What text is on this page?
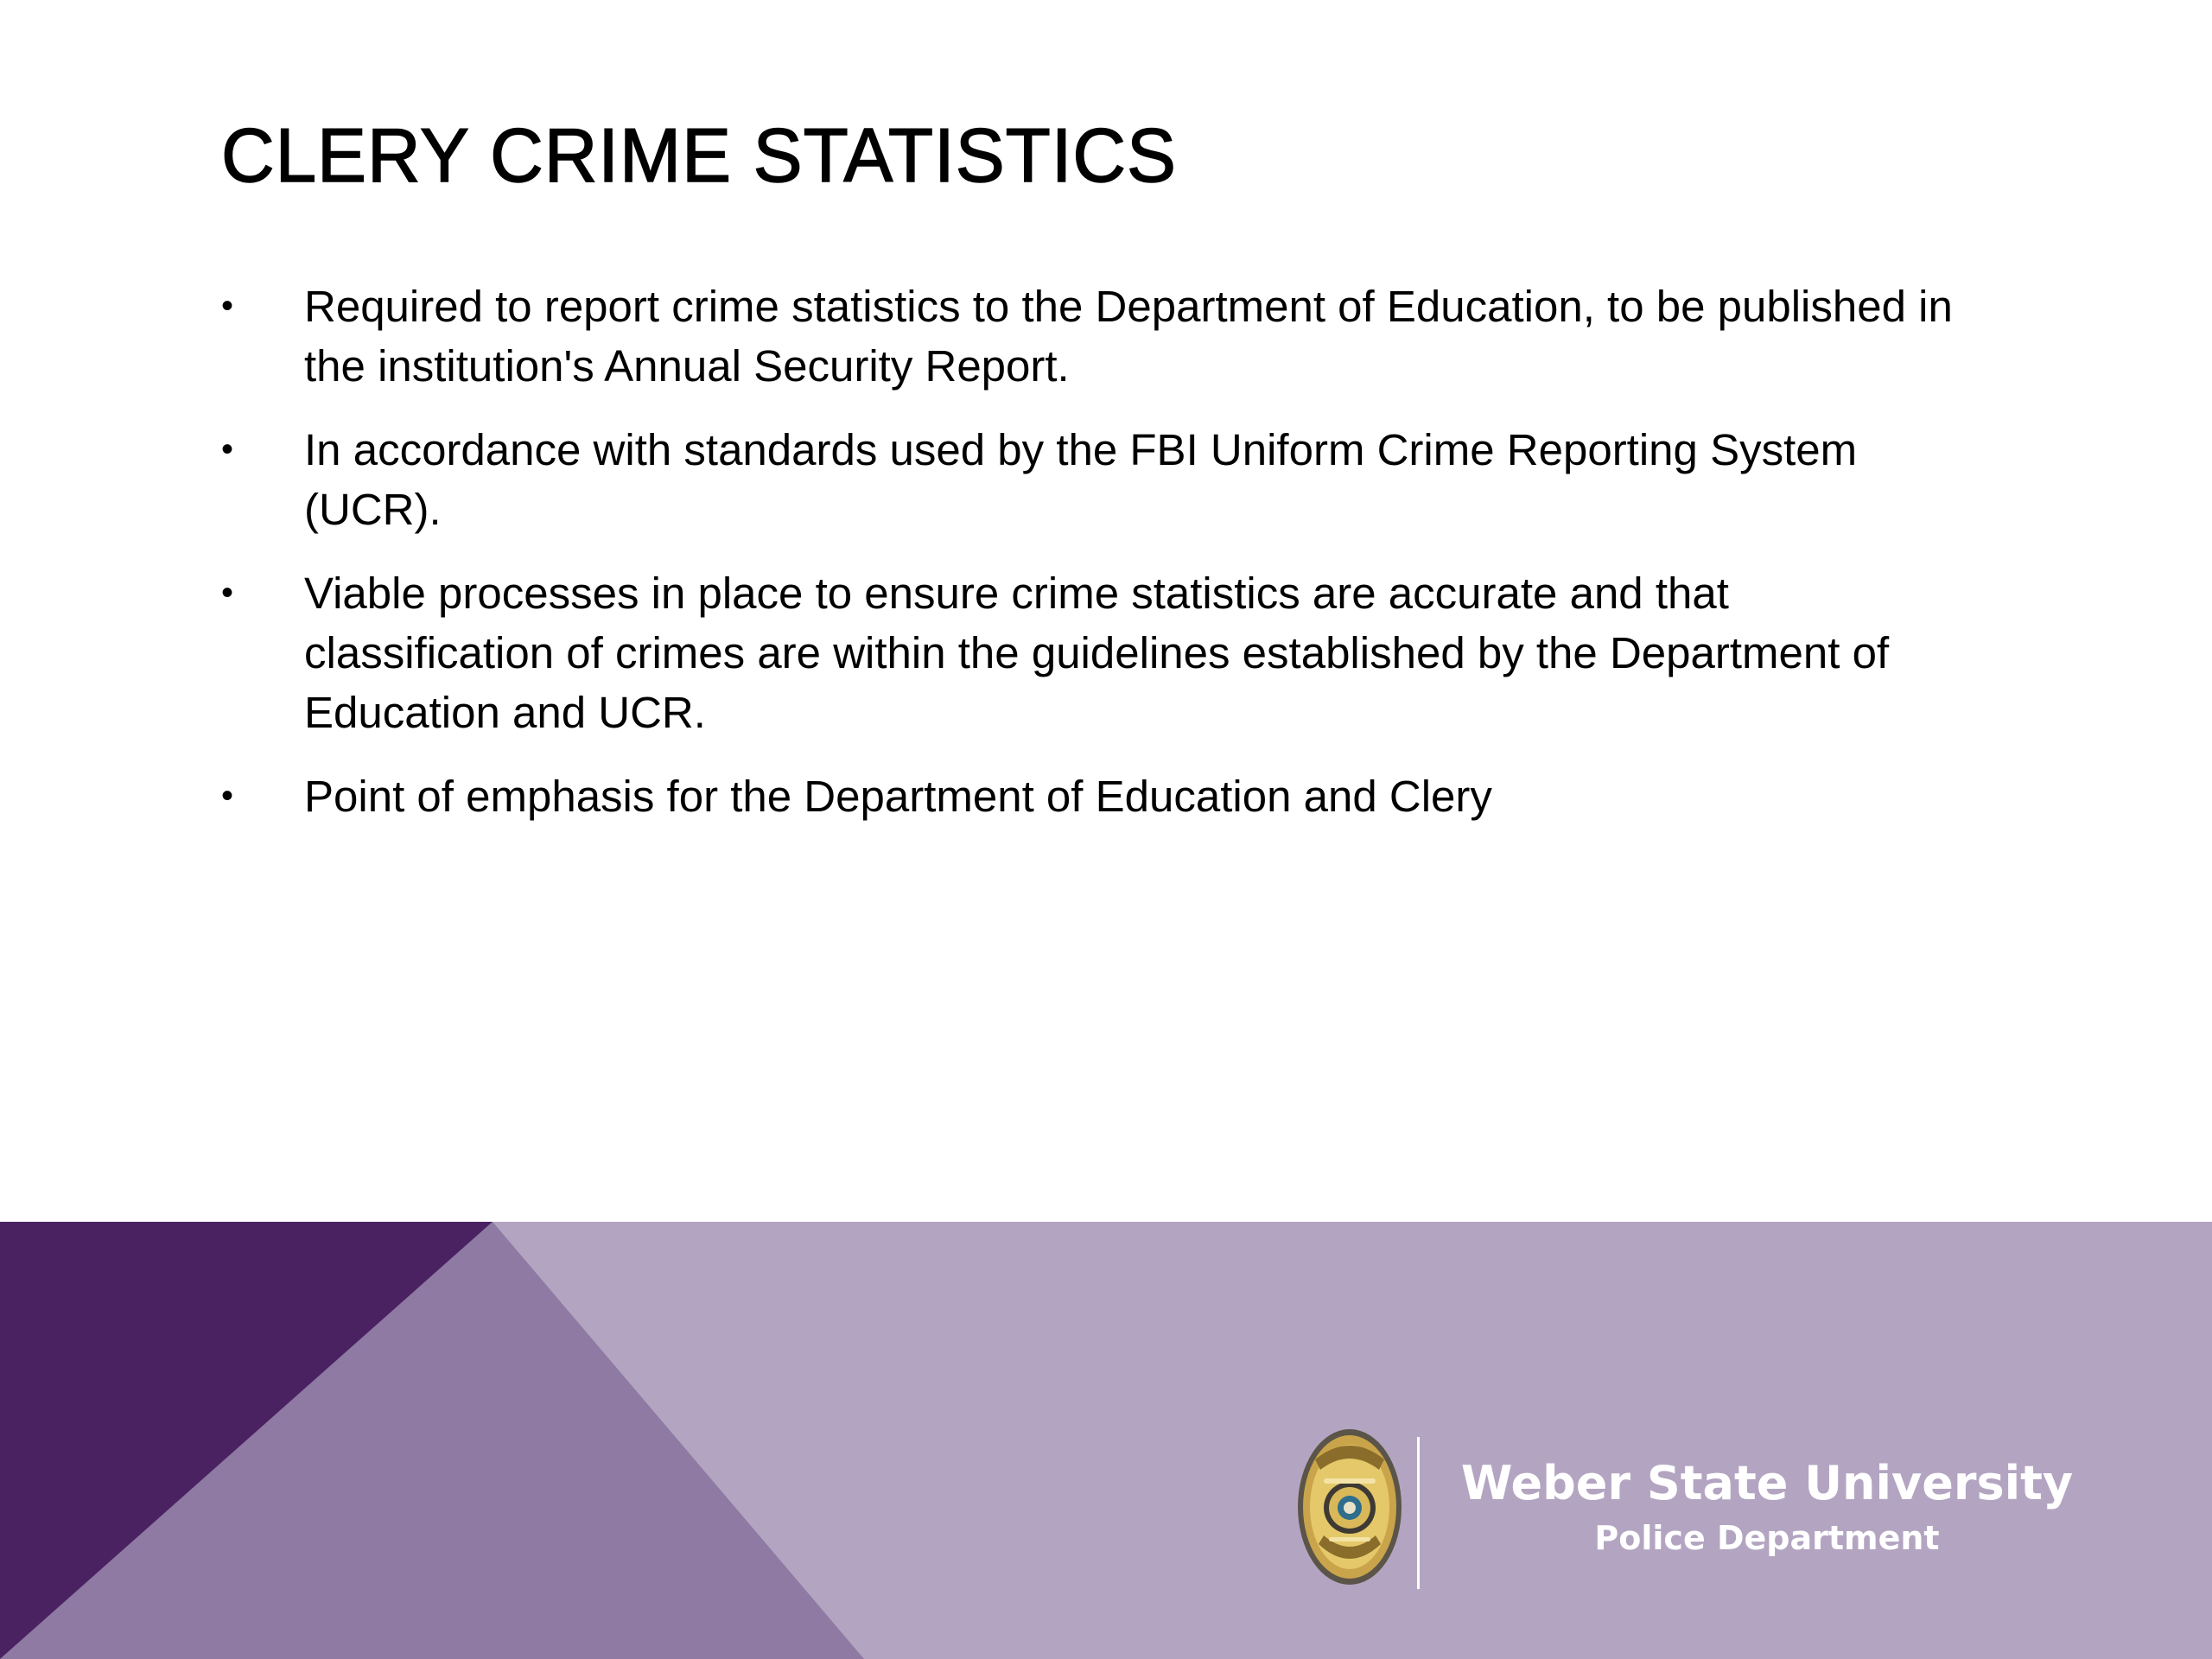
CLERY CRIME STATISTICS
•	Required to report crime statistics to the Department of Education, to be published in the institution's Annual Security Report.
•	In accordance with standards used by the FBI Uniform Crime Reporting System (UCR).
•	Viable processes in place to ensure crime statistics are accurate and that classification of crimes are within the guidelines established by the Department of Education and UCR.
•	Point of emphasis for the Department of Education and Clery
Weber State University
Police Department
